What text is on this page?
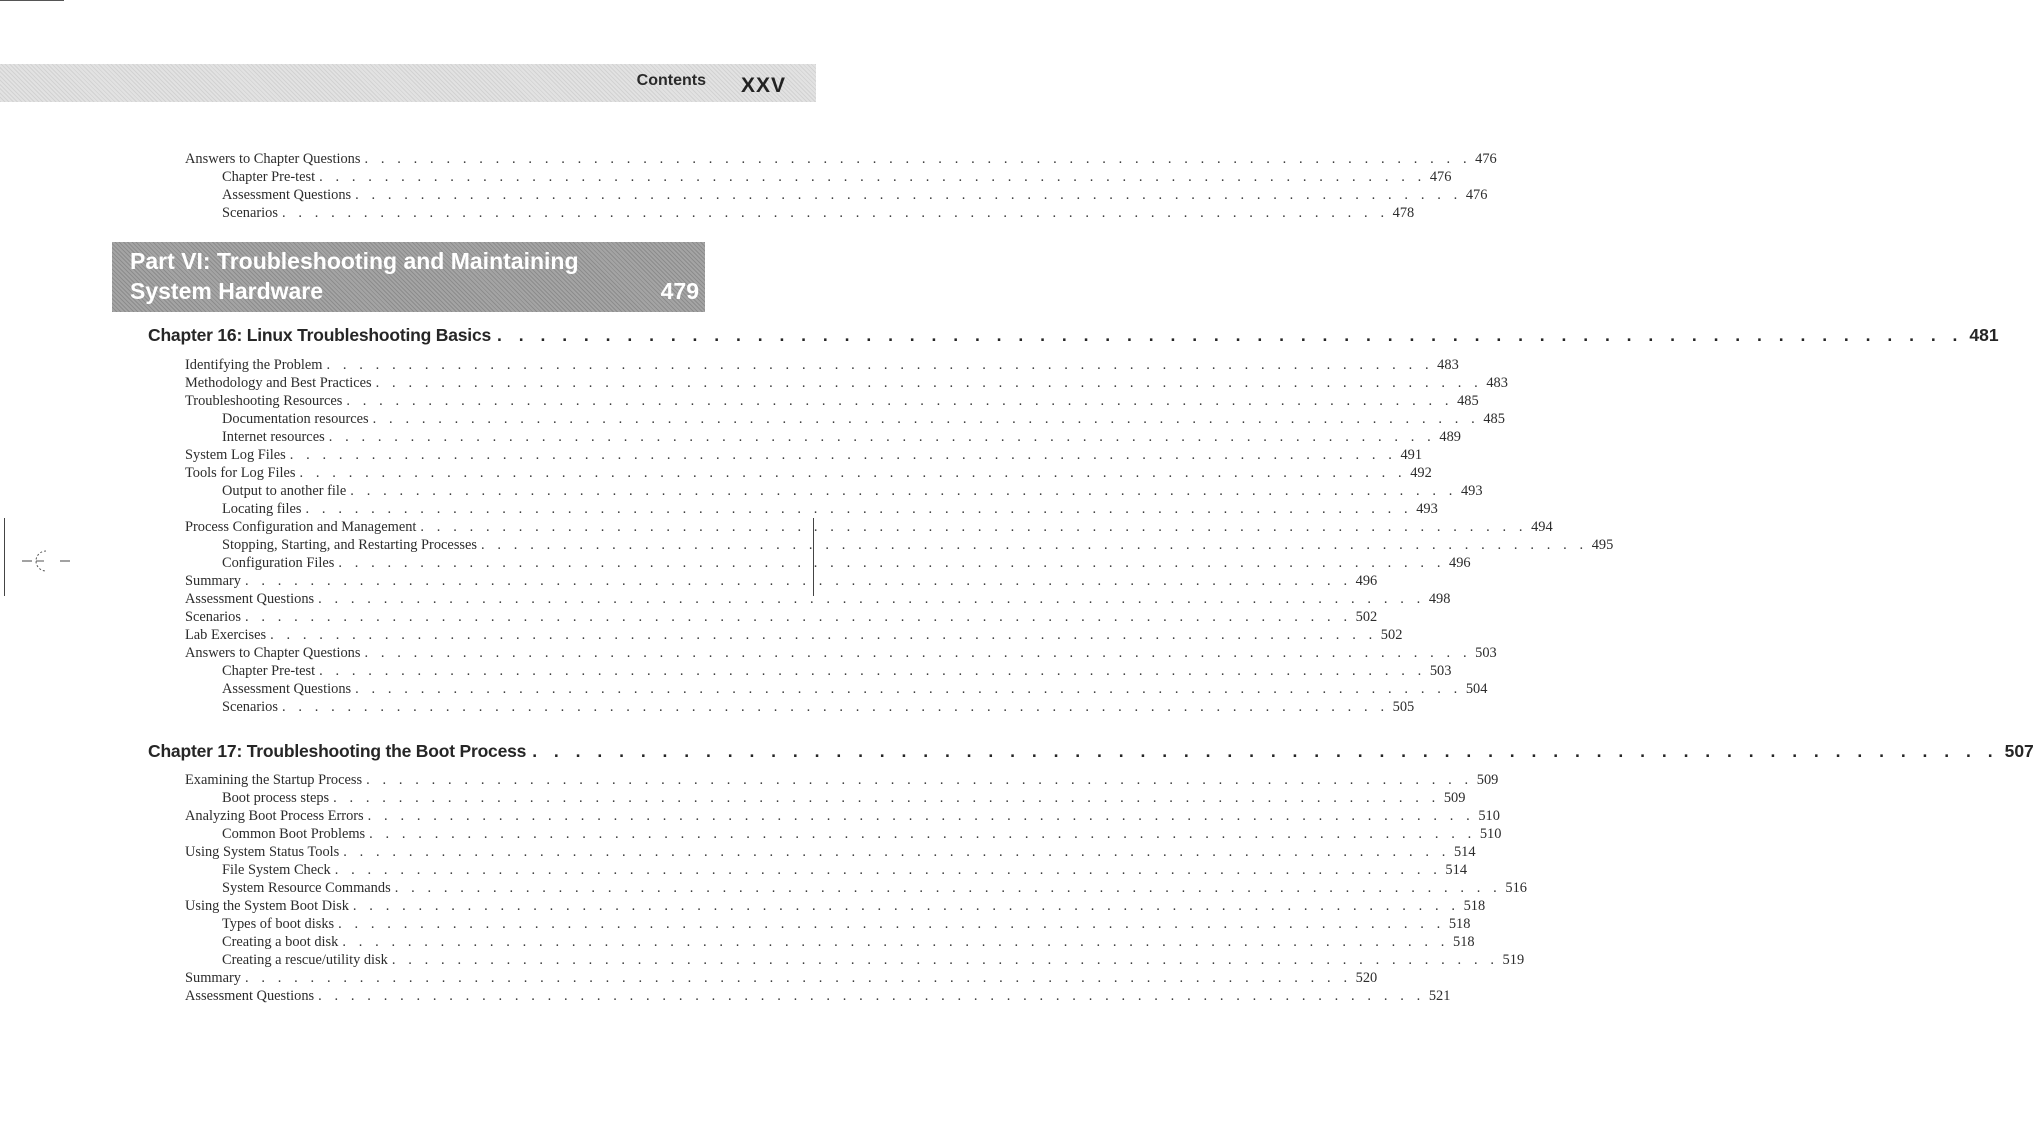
Contents XXV
Answers to Chapter Questions . . . . . . . . . . . . . . . . . . . . . . . . . . . . . . . . . . . . . . . . . . . . . . . . . . . . . . . . . . . . . . . . . . . . 476
Chapter Pre-test . . . . . . . . . . . . . . . . . . . . . . . . . . . . . . . . . . . . . . . . . . . . . . . . . . . . . . . . . . . . . . . . . . . . 476
Assessment Questions . . . . . . . . . . . . . . . . . . . . . . . . . . . . . . . . . . . . . . . . . . . . . . . . . . . . . . . . . . . . . . . . . . . . 476
Scenarios . . . . . . . . . . . . . . . . . . . . . . . . . . . . . . . . . . . . . . . . . . . . . . . . . . . . . . . . . . . . . . . . . . . . 478
Part VI: Troubleshooting and Maintaining
System Hardware	479
Chapter 16: Linux Troubleshooting Basics . . . . . . . . . . . . . . . . . . . . . . . . . . . . . . . . . . . . . . . . . . . . . . . . . . . . . . . . . . . . . . . . . . . . 481
Identifying the Problem . . . . . . . . . . . . . . . . . . . . . . . . . . . . . . . . . . . . . . . . . . . . . . . . . . . . . . . . . . . . . . . . . . . . 483
Methodology and Best Practices . . . . . . . . . . . . . . . . . . . . . . . . . . . . . . . . . . . . . . . . . . . . . . . . . . . . . . . . . . . . . . . . . . . . 483
Troubleshooting Resources . . . . . . . . . . . . . . . . . . . . . . . . . . . . . . . . . . . . . . . . . . . . . . . . . . . . . . . . . . . . . . . . . . . . 485
Documentation resources . . . . . . . . . . . . . . . . . . . . . . . . . . . . . . . . . . . . . . . . . . . . . . . . . . . . . . . . . . . . . . . . . . . . 485
Internet resources . . . . . . . . . . . . . . . . . . . . . . . . . . . . . . . . . . . . . . . . . . . . . . . . . . . . . . . . . . . . . . . . . . . . 489
System Log Files . . . . . . . . . . . . . . . . . . . . . . . . . . . . . . . . . . . . . . . . . . . . . . . . . . . . . . . . . . . . . . . . . . . . 491
Tools for Log Files . . . . . . . . . . . . . . . . . . . . . . . . . . . . . . . . . . . . . . . . . . . . . . . . . . . . . . . . . . . . . . . . . . . . 492
Output to another file . . . . . . . . . . . . . . . . . . . . . . . . . . . . . . . . . . . . . . . . . . . . . . . . . . . . . . . . . . . . . . . . . . . . 493
Locating files . . . . . . . . . . . . . . . . . . . . . . . . . . . . . . . . . . . . . . . . . . . . . . . . . . . . . . . . . . . . . . . . . . . . 493
Process Configuration and Management . . . . . . . . . . . . . . . . . . . . . . . . . . . . . . . . . . . . . . . . . . . . . . . . . . . . . . . . . . . . . . . . . . . . 494
Stopping, Starting, and Restarting Processes . . . . . . . . . . . . . . . . . . . . . . . . . . . . . . . . . . . . . . . . . . . . . . . . . . . . . . . . . . . . . . . . . . . . 495
Configuration Files . . . . . . . . . . . . . . . . . . . . . . . . . . . . . . . . . . . . . . . . . . . . . . . . . . . . . . . . . . . . . . . . . . . . 496
Summary . . . . . . . . . . . . . . . . . . . . . . . . . . . . . . . . . . . . . . . . . . . . . . . . . . . . . . . . . . . . . . . . . . . . 496
Assessment Questions . . . . . . . . . . . . . . . . . . . . . . . . . . . . . . . . . . . . . . . . . . . . . . . . . . . . . . . . . . . . . . . . . . . . 498
Scenarios . . . . . . . . . . . . . . . . . . . . . . . . . . . . . . . . . . . . . . . . . . . . . . . . . . . . . . . . . . . . . . . . . . . . 502
Lab Exercises . . . . . . . . . . . . . . . . . . . . . . . . . . . . . . . . . . . . . . . . . . . . . . . . . . . . . . . . . . . . . . . . . . . . 502
Answers to Chapter Questions . . . . . . . . . . . . . . . . . . . . . . . . . . . . . . . . . . . . . . . . . . . . . . . . . . . . . . . . . . . . . . . . . . . . 503
Chapter Pre-test . . . . . . . . . . . . . . . . . . . . . . . . . . . . . . . . . . . . . . . . . . . . . . . . . . . . . . . . . . . . . . . . . . . . 503
Assessment Questions . . . . . . . . . . . . . . . . . . . . . . . . . . . . . . . . . . . . . . . . . . . . . . . . . . . . . . . . . . . . . . . . . . . . 504
Scenarios . . . . . . . . . . . . . . . . . . . . . . . . . . . . . . . . . . . . . . . . . . . . . . . . . . . . . . . . . . . . . . . . . . . . 505
Chapter 17: Troubleshooting the Boot Process . . . . . . . . . . . . . . . . . . . . . . . . . . . . . . . . . . . . . . . . . . . . . . . . . . . . . . . . . . . . . . . . . . . . 507
Examining the Startup Process . . . . . . . . . . . . . . . . . . . . . . . . . . . . . . . . . . . . . . . . . . . . . . . . . . . . . . . . . . . . . . . . . . . . 509
Boot process steps . . . . . . . . . . . . . . . . . . . . . . . . . . . . . . . . . . . . . . . . . . . . . . . . . . . . . . . . . . . . . . . . . . . . 509
Analyzing Boot Process Errors . . . . . . . . . . . . . . . . . . . . . . . . . . . . . . . . . . . . . . . . . . . . . . . . . . . . . . . . . . . . . . . . . . . . 510
Common Boot Problems . . . . . . . . . . . . . . . . . . . . . . . . . . . . . . . . . . . . . . . . . . . . . . . . . . . . . . . . . . . . . . . . . . . . 510
Using System Status Tools . . . . . . . . . . . . . . . . . . . . . . . . . . . . . . . . . . . . . . . . . . . . . . . . . . . . . . . . . . . . . . . . . . . . 514
File System Check . . . . . . . . . . . . . . . . . . . . . . . . . . . . . . . . . . . . . . . . . . . . . . . . . . . . . . . . . . . . . . . . . . . . 514
System Resource Commands . . . . . . . . . . . . . . . . . . . . . . . . . . . . . . . . . . . . . . . . . . . . . . . . . . . . . . . . . . . . . . . . . . . . 516
Using the System Boot Disk . . . . . . . . . . . . . . . . . . . . . . . . . . . . . . . . . . . . . . . . . . . . . . . . . . . . . . . . . . . . . . . . . . . . 518
Types of boot disks . . . . . . . . . . . . . . . . . . . . . . . . . . . . . . . . . . . . . . . . . . . . . . . . . . . . . . . . . . . . . . . . . . . . 518
Creating a boot disk . . . . . . . . . . . . . . . . . . . . . . . . . . . . . . . . . . . . . . . . . . . . . . . . . . . . . . . . . . . . . . . . . . . . 518
Creating a rescue/utility disk . . . . . . . . . . . . . . . . . . . . . . . . . . . . . . . . . . . . . . . . . . . . . . . . . . . . . . . . . . . . . . . . . . . . 519
Summary . . . . . . . . . . . . . . . . . . . . . . . . . . . . . . . . . . . . . . . . . . . . . . . . . . . . . . . . . . . . . . . . . . . . 520
Assessment Questions . . . . . . . . . . . . . . . . . . . . . . . . . . . . . . . . . . . . . . . . . . . . . . . . . . . . . . . . . . . . . . . . . . . . 521
